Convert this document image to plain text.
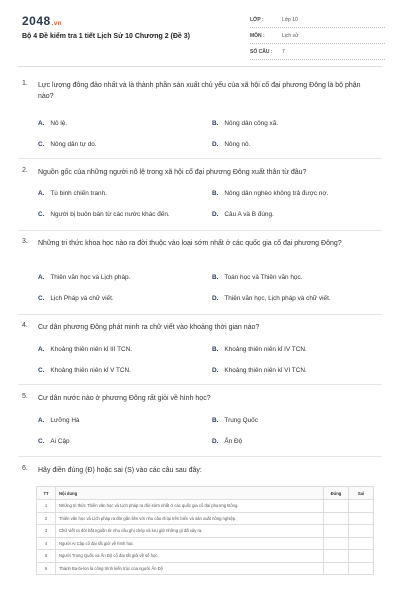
2048.vn
Bộ 4 Đề kiểm tra 1 tiết Lịch Sử 10 Chương 2 (Đề 3)
LỚP :	Lớp 10
MÔN :	Lịch sử
SỐ CÂU :	7
1. Lực lượng đông đảo nhất và là thành phần sản xuất chủ yếu của xã hội cổ đại phương Đông là bộ phận nào?
A. Nô lệ.	B. Nông dân công xã.
C. Nông dân tự do.	D. Nông nô.
2. Nguồn gốc của những người nô lệ trong xã hội cổ đại phương Đông xuất thân từ đâu?
A. Tù binh chiến tranh.	B. Nông dân nghèo không trả được nợ.
C. Người bị buôn bán từ các nước khác đến.	D. Câu A và B đúng.
3. Những tri thức khoa học nào ra đời thuộc vào loại sớm nhất ở các quốc gia cổ đại phương Đông?
A. Thiên văn học và Lịch pháp.	B. Toán học và Thiên văn học.
C. Lịch Pháp và chữ viết.	D. Thiên văn học, Lịch pháp và chữ viết.
4. Cư dân phương Đông phát minh ra chữ viết vào khoảng thời gian nào?
A. Khoảng thiên niên kỉ III TCN.	B. Khoảng thiên niên kỉ IV TCN.
C. Khoảng thiên niên kỉ V TCN.	D. Khoảng thiên niên kỉ VI TCN.
5. Cư dân nước nào ở phương Đông rất giỏi về hình học?
A. Lưỡng Hà	B. Trung Quốc
C. Ai Cập	D. Ấn Độ
6. Hãy điền đúng (Đ) hoặc sai (S) vào các câu sau đây:
TT	Nội dung	Đúng	Sai
1	Những tri thức Thiên văn học và Lịch pháp ra đời sớm nhất ở các quốc gia cổ đại phương Đông.		
2	Thiên văn học và Lịch pháp ra đời gắn liền với nhu cầu đi lại trên biển và sản xuất nông nghiệp.		
3	Chữ viết ra đời bắt nguồn từ nhu cầu ghi chép và lưu giữ những gì đã xảy ra.		
4	Người Ai Cập cổ đại rất giỏi về hình học		
5	Người Trung Quốc và Ấn Độ cổ đại rất giỏi về số học.		
6	Thành Ba-bi-lon là công trình kiến trúc của người Ấn Độ		
